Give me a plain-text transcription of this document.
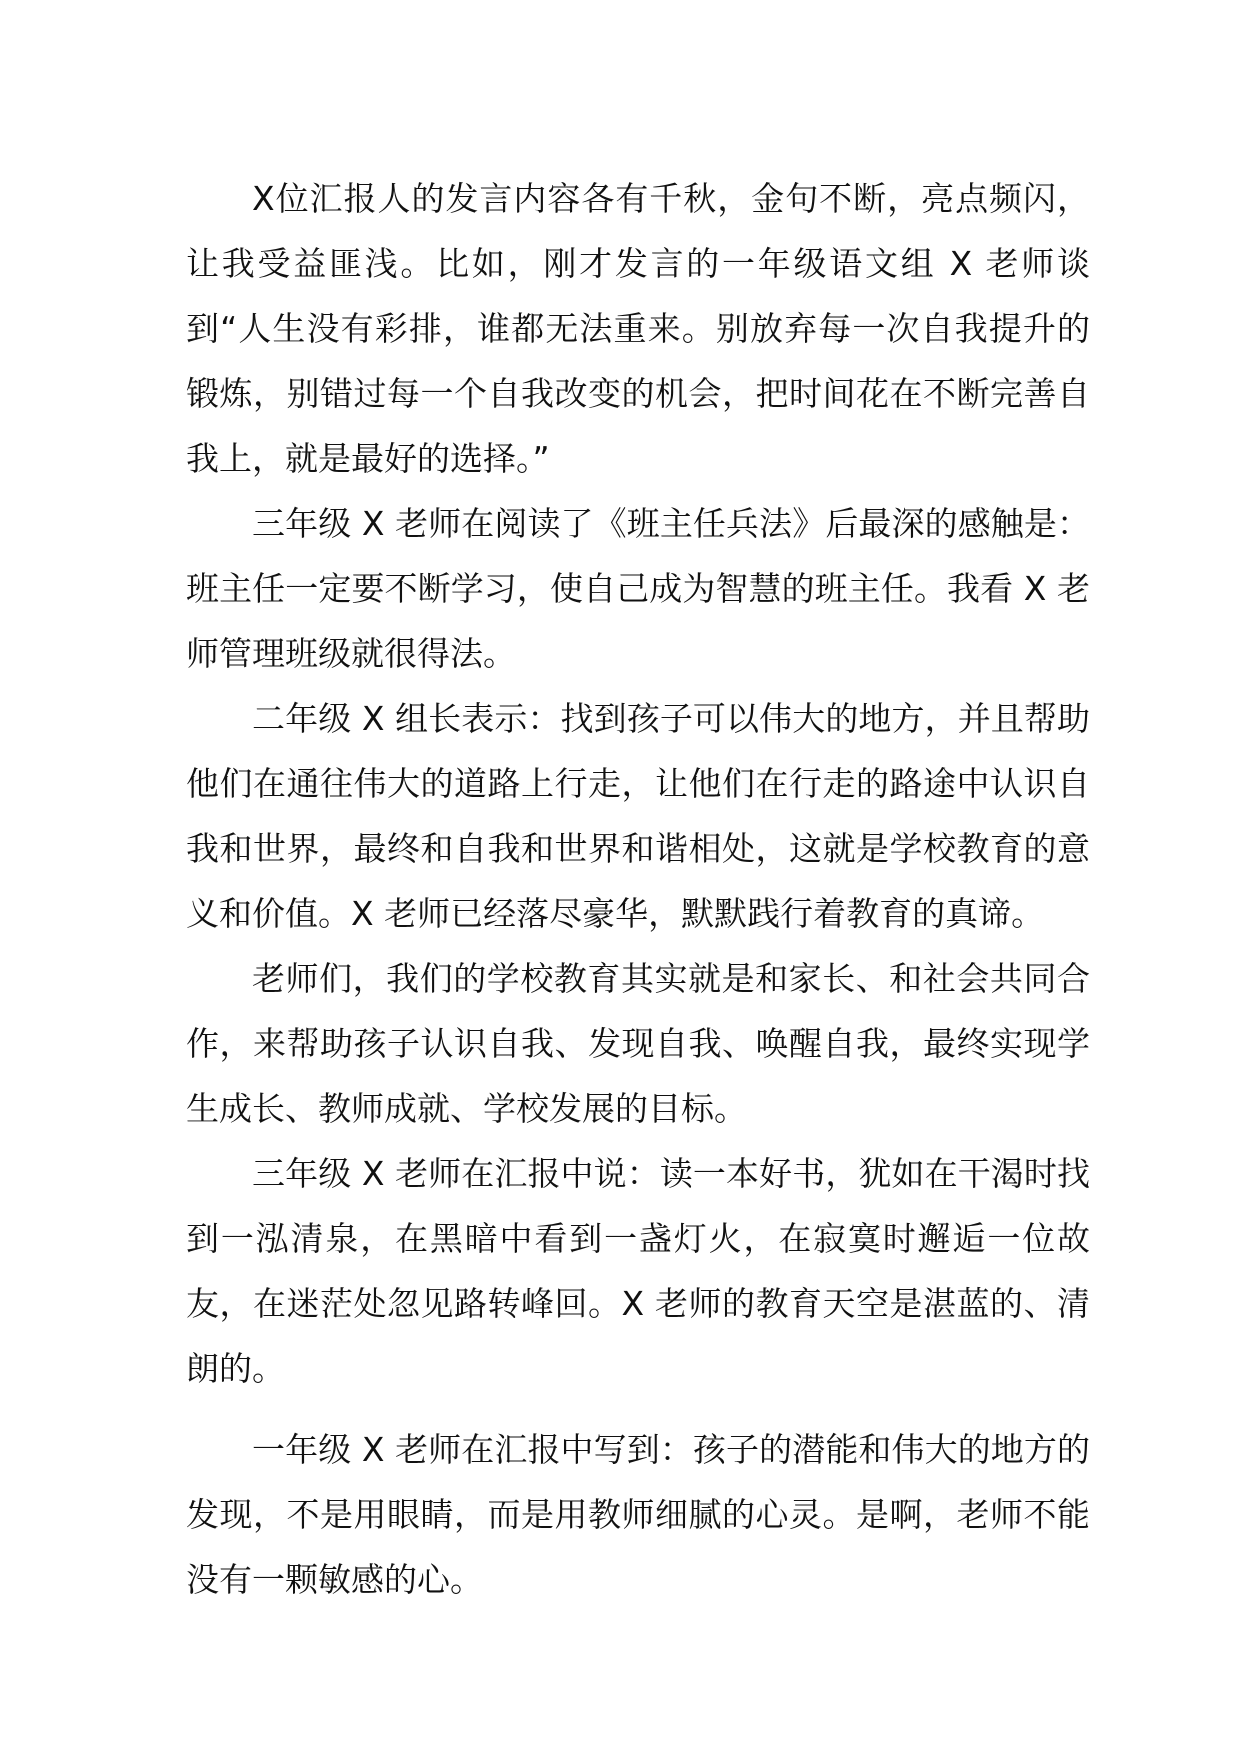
X位汇报人的发言内容各有千秋，金句不断，亮点频闪，让我受益匪浅。比如，刚才发言的一年级语文组 X 老师谈到“人生没有彩排，谁都无法重来。别放弃每一次自我提升的锻炼，别错过每一个自我改变的机会，把时间花在不断完善自我上，就是最好的选择。”

三年级 X 老师在阅读了《班主任兵法》后最深的感触是：班主任一定要不断学习，使自己成为智慧的班主任。我看 X 老师管理班级就很得法。

二年级 X 组长表示：找到孩子可以伟大的地方，并且帮助他们在通往伟大的道路上行走，让他们在行走的路途中认识自我和世界，最终和自我和世界和谐相处，这就是学校教育的意义和价值。X 老师已经落尽豪华，默默践行着教育的真谛。

老师们，我们的学校教育其实就是和家长、和社会共同合作，来帮助孩子认识自我、发现自我、唤醒自我，最终实现学生成长、教师成就、学校发展的目标。

三年级 X 老师在汇报中说：读一本好书，犹如在干渴时找到一泓清泉，在黑暗中看到一盏灯火，在寂寞时邂逅一位故友，在迷茫处忽见路转峰回。X 老师的教育天空是湛蓝的、清朗的。

一年级 X 老师在汇报中写到：孩子的潜能和伟大的地方的发现，不是用眼睛，而是用教师细腻的心灵。是啊，老师不能没有一颗敏感的心。
